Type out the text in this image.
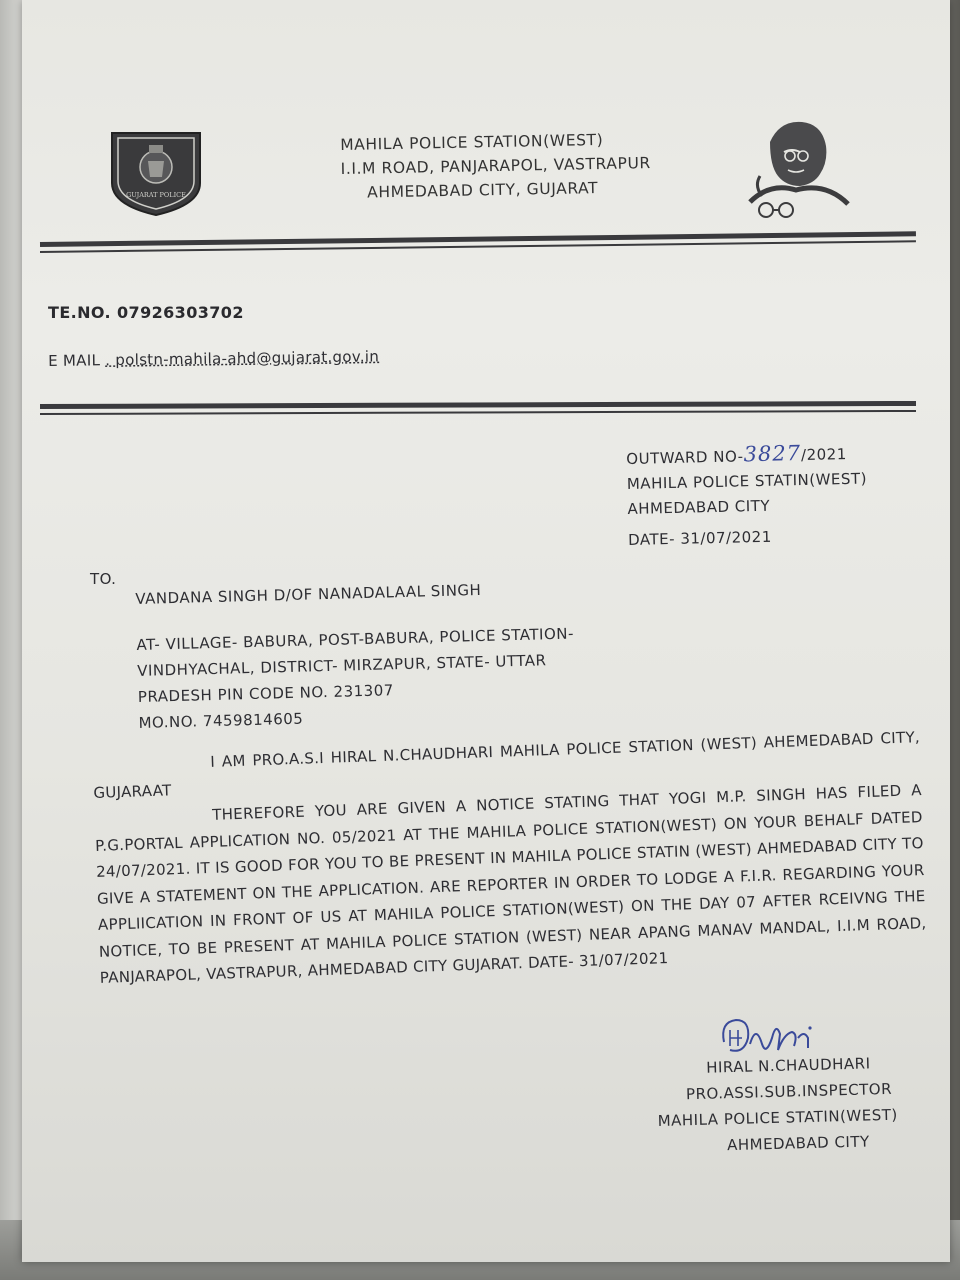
GUJARAT POLICE
MAHILA POLICE STATION(WEST)
I.I.M ROAD, PANJARAPOL, VASTRAPUR
AHMEDABAD CITY, GUJARAT
TE.NO. 07926303702
E MAIL . polstn-mahila-ahd@gujarat.gov.in
OUTWARD NO-3827/2021
MAHILA POLICE STATIN(WEST)
AHMEDABAD CITY
DATE- 31/07/2021
TO.
VANDANA SINGH D/OF NANADALAAL SINGH
AT- VILLAGE- BABURA, POST-BABURA, POLICE STATION-
VINDHYACHAL, DISTRICT- MIRZAPUR, STATE- UTTAR
PRADESH PIN CODE NO. 231307
MO.NO. 7459814605

I AM PRO.A.S.I HIRAL N.CHAUDHARI MAHILA POLICE STATION (WEST) AHEMEDABAD CITY, GUJARAAT	THEREFORE YOU ARE GIVEN A NOTICE STATING THAT YOGI M.P. SINGH HAS FILED A P.G.PORTAL APPLICATION NO. 05/2021 AT THE MAHILA POLICE STATION(WEST) ON YOUR BEHALF DATED 24/07/2021. IT IS GOOD FOR YOU TO BE PRESENT IN MAHILA POLICE STATIN (WEST) AHMEDABAD CITY TO GIVE A STATEMENT ON THE APPLICATION. ARE REPORTER IN ORDER TO LODGE A F.I.R. REGARDING YOUR APPLIICATION IN FRONT OF US AT MAHILA POLICE STATION(WEST) ON THE DAY 07 AFTER RCEIVNG THE NOTICE, TO BE PRESENT AT MAHILA POLICE STATION (WEST) NEAR APANG MANAV MANDAL, I.I.M ROAD, PANJARAPOL, VASTRAPUR, AHMEDABAD CITY GUJARAT. DATE- 31/07/2021

HIRAL N.CHAUDHARI
PRO.ASSI.SUB.INSPECTOR
MAHILA POLICE STATIN(WEST)
AHMEDABAD CITY
